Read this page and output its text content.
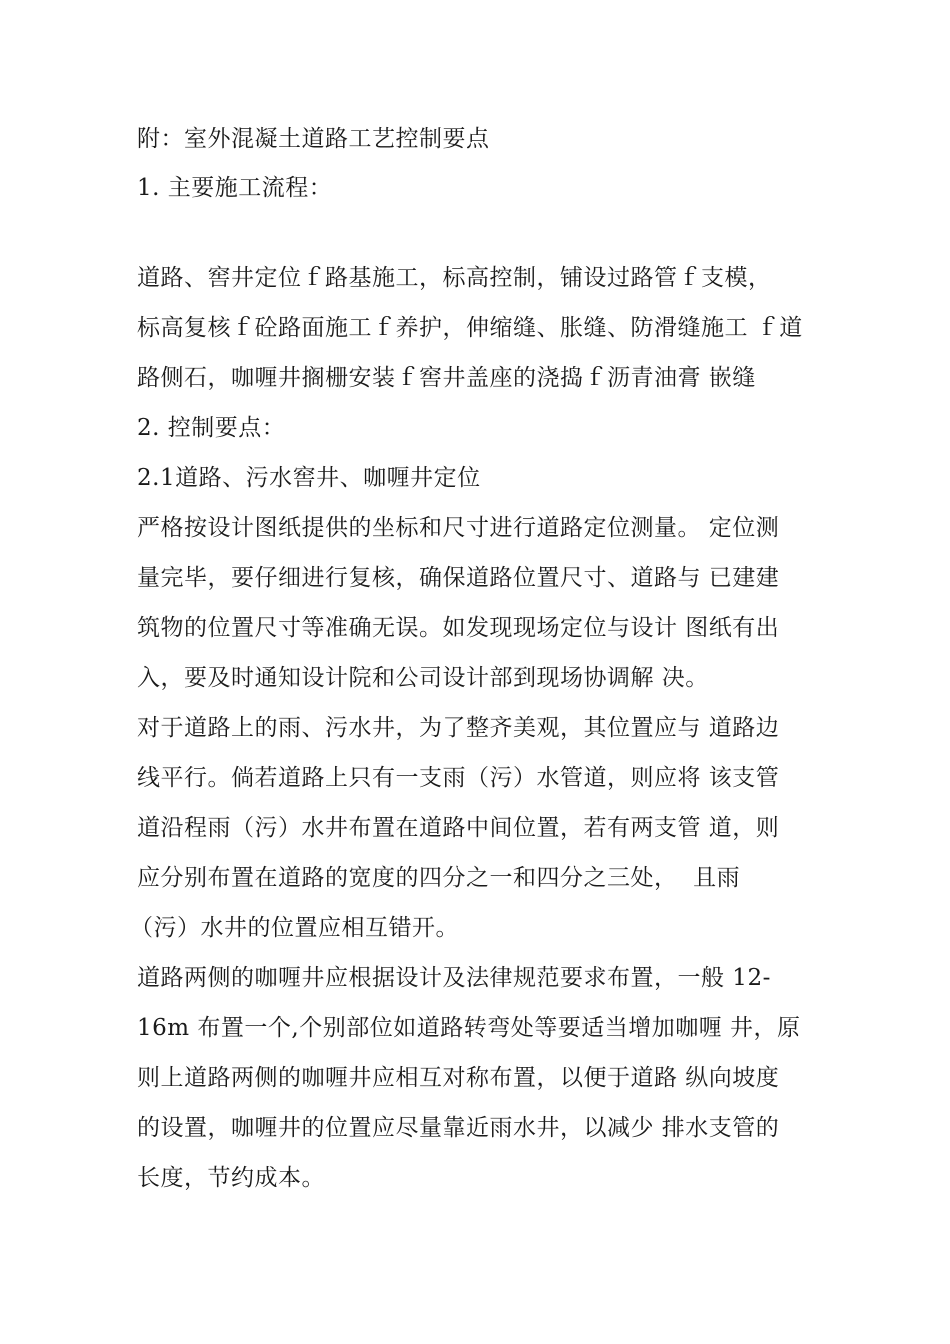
附：室外混凝土道路工艺控制要点
1. 主要施工流程：
道路、窖井定位ｆ路基施工，标高控制，铺设过路管ｆ支模，
标高复核ｆ砼路面施工ｆ养护，伸缩缝、胀缝、防滑缝施工 ｆ道
路侧石，咖喱井搁栅安装ｆ窖井盖座的浇捣ｆ沥青油膏 嵌缝
2. 控制要点：
2.1道路、污水窖井、咖喱井定位
严格按设计图纸提供的坐标和尺寸进行道路定位测量。 定位测
量完毕，要仔细进行复核，确保道路位置尺寸、道路与 已建建
筑物的位置尺寸等准确无误。如发现现场定位与设计 图纸有出
入，要及时通知设计院和公司设计部到现场协调解 决。
对于道路上的雨、污水井，为了整齐美观，其位置应与 道路边
线平行。倘若道路上只有一支雨（污）水管道，则应将 该支管
道沿程雨（污）水井布置在道路中间位置，若有两支管 道，则
应分别布置在道路的宽度的四分之一和四分之三处，  且雨
（污）水井的位置应相互错开。
道路两侧的咖喱井应根据设计及法律规范要求布置，一般 12-
16m 布置一个,个别部位如道路转弯处等要适当增加咖喱 井，原
则上道路两侧的咖喱井应相互对称布置，以便于道路 纵向坡度
的设置，咖喱井的位置应尽量靠近雨水井，以减少 排水支管的
长度，节约成本。
